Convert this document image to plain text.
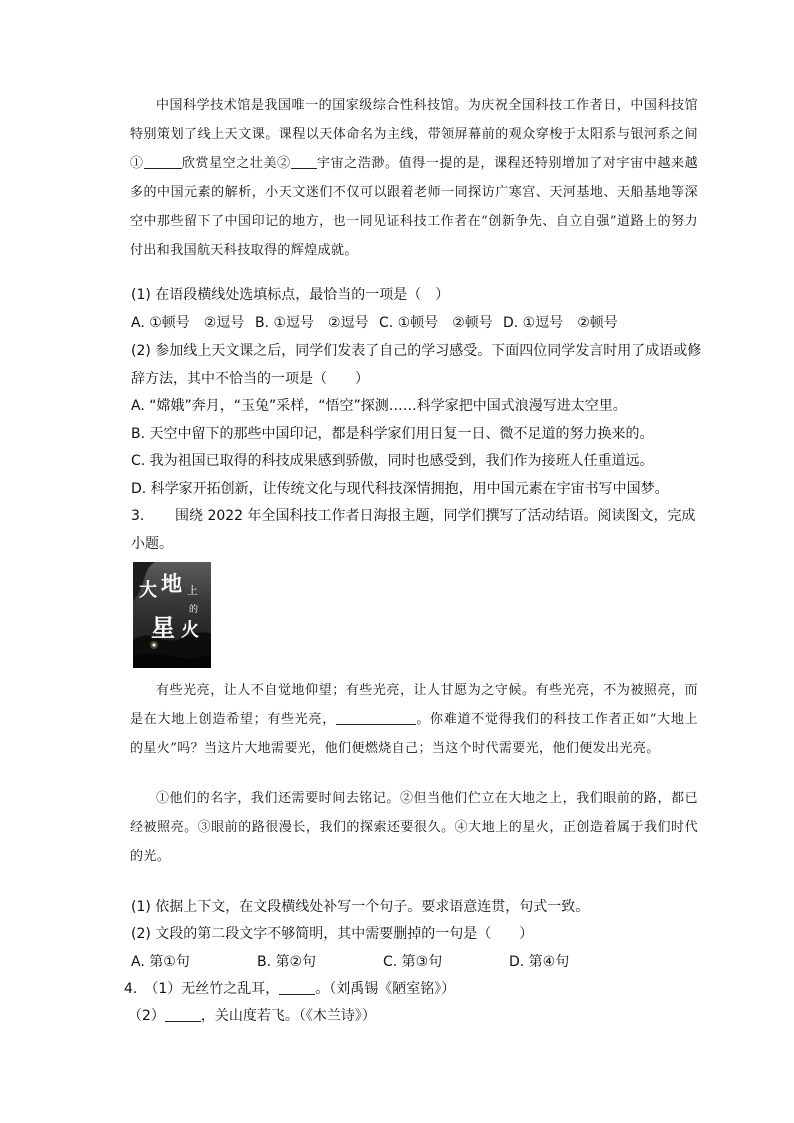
中国科学技术馆是我国唯一的国家级综合性科技馆。为庆祝全国科技工作者日，中国科技馆特别策划了线上天文课。课程以天体命名为主线，带领屏幕前的观众穿梭于太阳系与银河系之间①	欣赏星空之壮美② 宇宙之浩渺。值得一提的是，课程还特别增加了对宇宙中越来越多的中国元素的解析，小天文迷们不仅可以跟着老师一同探访广寒宫、天河基地、天船基地等深空中那些留下了中国印记的地方，也一同见证科技工作者在“创新争先、自立自强”道路上的努力付出和我国航天科技取得的辉煌成就。

(1) 在语段横线处选填标点，最恰当的一项是（　）

A. ①顿号　②逗号 B. ①逗号　②逗号 C. ①顿号　②顿号 D. ①逗号　②顿号

(2) 参加线上天文课之后，同学们发表了自己的学习感受。下面四位同学发言时用了成语或修

辞方法，其中不恰当的一项是（　　）

A. “嫦娥”奔月，“玉兔”采样，“悟空”探测……科学家把中国式浪漫写进太空里。

B. 天空中留下的那些中国印记，都是科学家们用日复一日、微不足道的努力换来的。

C. 我为祖国已取得的科技成果感到骄傲，同时也感受到，我们作为接班人任重道远。

D. 科学家开拓创新，让传统文化与现代科技深情拥抱，用中国元素在宇宙书写中国梦。

3. 围绕 2022 年全国科技工作者日海报主题，同学们撰写了活动结语。阅读图文，完成

小题。

大 地 上
的
星 火

有些光亮，让人不自觉地仰望；有些光亮，让人甘愿为之守候。有些光亮，不为被照亮，而是在大地上创造希望；有些光亮，	。你难道不觉得我们的科技工作者正如“大地上的星火”吗？当这片大地需要光，他们便燃烧自己；当这个时代需要光，他们便发出光亮。

①他们的名字，我们还需要时间去铭记。②但当他们伫立在大地之上，我们眼前的路，都已经被照亮。③眼前的路很漫长，我们的探索还要很久。④大地上的星火，正创造着属于我们时代的光。

(1) 依据上下文，在文段横线处补写一个句子。要求语意连贯，句式一致。

(2) 文段的第二段文字不够简明，其中需要删掉的一句是（　　）

A. 第①句	B. 第②句	C. 第③句	D. 第④句

4.　（1）无丝竹之乱耳，	。（刘禹锡《陋室铭》）

（2）	，关山度若飞。（《木兰诗》）
